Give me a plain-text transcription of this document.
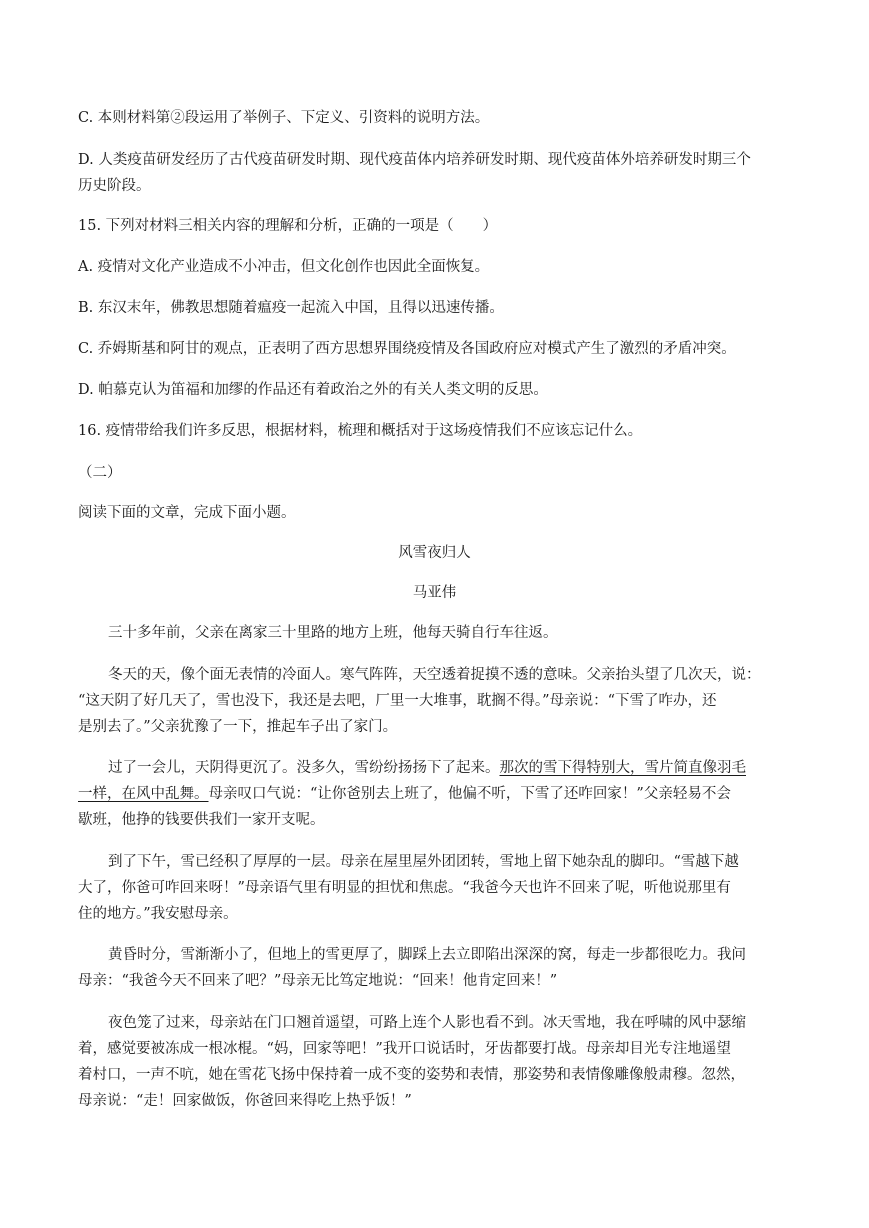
C. 本则材料第②段运用了举例子、下定义、引资料的说明方法。
D. 人类疫苗研发经历了古代疫苗研发时期、现代疫苗体内培养研发时期、现代疫苗体外培养研发时期三个
历史阶段。
15. 下列对材料三相关内容的理解和分析，正确的一项是（　　）
A. 疫情对文化产业造成不小冲击，但文化创作也因此全面恢复。
B. 东汉末年，佛教思想随着瘟疫一起流入中国，且得以迅速传播。
C. 乔姆斯基和阿甘的观点，正表明了西方思想界围绕疫情及各国政府应对模式产生了激烈的矛盾冲突。
D. 帕慕克认为笛福和加缪的作品还有着政治之外的有关人类文明的反思。
16. 疫情带给我们许多反思，根据材料，梳理和概括对于这场疫情我们不应该忘记什么。
（二）
阅读下面的文章，完成下面小题。
风雪夜归人
马亚伟
三十多年前，父亲在离家三十里路的地方上班，他每天骑自行车往返。
冬天的天，像个面无表情的冷面人。寒气阵阵，天空透着捉摸不透的意味。父亲抬头望了几次天，说：
“这天阴了好几天了，雪也没下，我还是去吧，厂里一大堆事，耽搁不得。”母亲说：“下雪了咋办，还
是别去了。”父亲犹豫了一下，推起车子出了家门。
过了一会儿，天阴得更沉了。没多久，雪纷纷扬扬下了起来。那次的雪下得特别大，雪片简直像羽毛
一样，在风中乱舞。母亲叹口气说：“让你爸别去上班了，他偏不听，下雪了还咋回家！”父亲轻易不会
歇班，他挣的钱要供我们一家开支呢。
到了下午，雪已经积了厚厚的一层。母亲在屋里屋外团团转，雪地上留下她杂乱的脚印。“雪越下越
大了，你爸可咋回来呀！”母亲语气里有明显的担忧和焦虑。“我爸今天也许不回来了呢，听他说那里有
住的地方。”我安慰母亲。
黄昏时分，雪渐渐小了，但地上的雪更厚了，脚踩上去立即陷出深深的窝，每走一步都很吃力。我问
母亲：“我爸今天不回来了吧？”母亲无比笃定地说：“回来！他肯定回来！”
夜色笼了过来，母亲站在门口翘首遥望，可路上连个人影也看不到。冰天雪地，我在呼啸的风中瑟缩
着，感觉要被冻成一根冰棍。“妈，回家等吧！”我开口说话时，牙齿都要打战。母亲却目光专注地遥望
着村口，一声不吭，她在雪花飞扬中保持着一成不变的姿势和表情，那姿势和表情像雕像般肃穆。忽然，
母亲说：“走！回家做饭，你爸回来得吃上热乎饭！”
